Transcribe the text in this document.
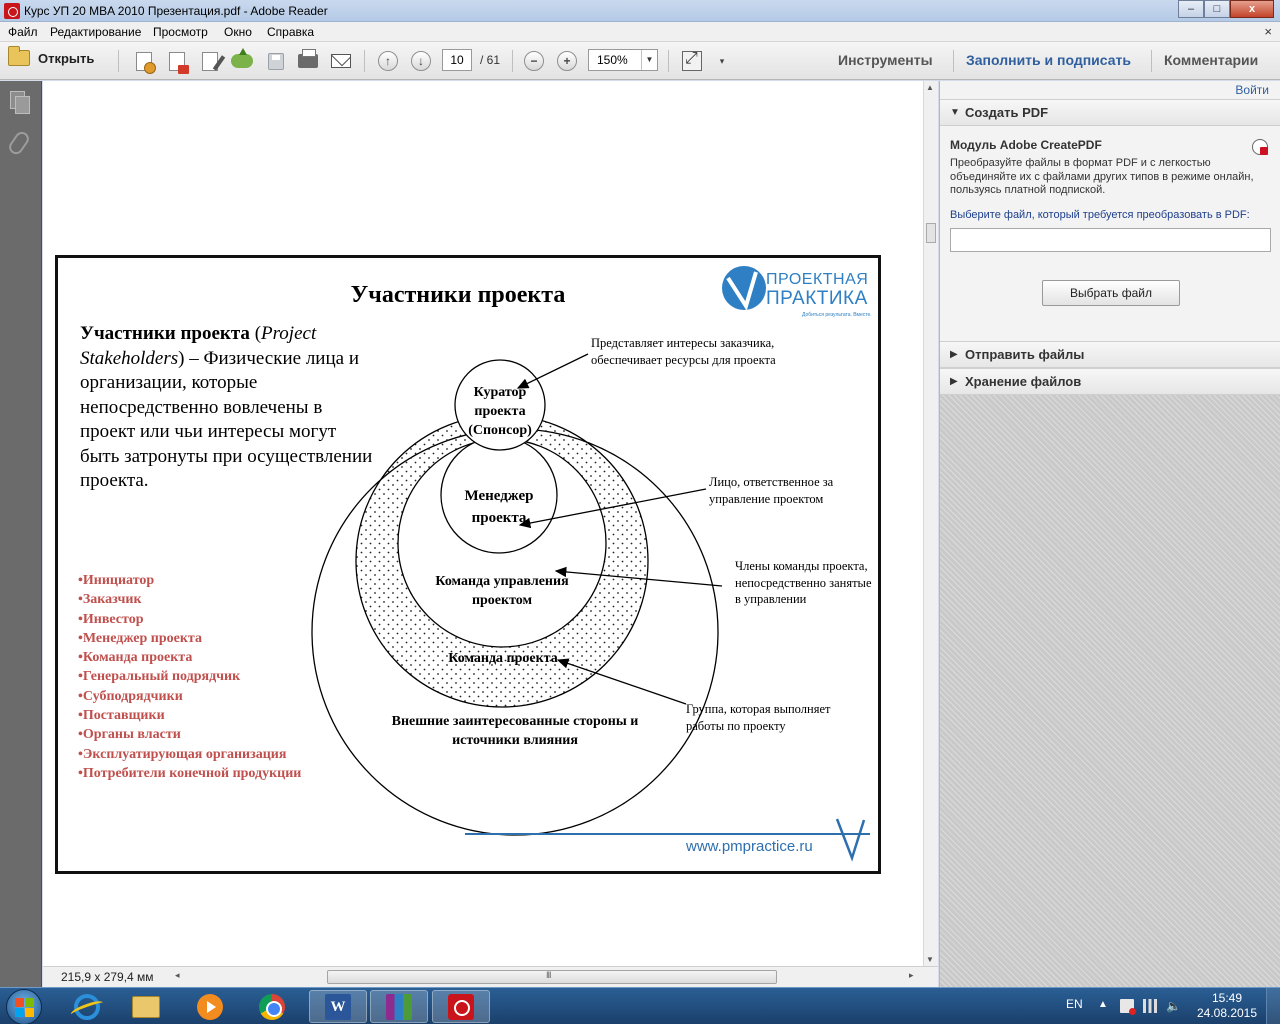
Курс УП 20 MBA 2010 Презентация.pdf - Adobe Reader	–	□	x
Файл Редактирование Просмотр Окно Справка	×
Открыть	↑	↓	−	+
⤢	▾
10	/ 61	150%	▼	Инструменты Заполнить и подписать Комментарии
Участники проекта
ПРОЕКТНАЯ
ПРАКТИКА
Добиться результата. Вместе.
Участники проекта (Project Stakeholders) – Физические лица и организации, которые непосредственно вовлечены в проект или чьи интересы могут быть затронуты при осуществлении проекта.
•Инициатор
•Заказчик
•Инвестор
•Менеджер проекта
•Команда проекта
•Генеральный подрядчик
•Субподрядчики
•Поставщики
•Органы власти
•Эксплуатирующая организация
•Потребители конечной продукции
Куратор проекта (Спонсор)
Менеджер проекта
Команда управления проектом
Команда проекта
Внешние заинтересованные стороны и источники влияния
Представляет интересы заказчика, обеспечивает ресурсы для проекта
Лицо, ответственное за управление проектом
Члены команды проекта, непосредственно занятые в управлении
Группа, которая выполняет работы по проекту
www.pmpractice.ru
▲
▼
215,9 x 279,4 мм ◂	III	▸
Войти
▼ Создать PDF
Модуль Adobe CreatePDF
Преобразуйте файлы в формат PDF и с легкостью объединяйте их с файлами других типов в режиме онлайн, пользуясь платной подпиской.
Выберите файл, который требуется преобразовать в PDF:
Выбрать файл
▶ Отправить файлы
▶ Хранение файлов
W	EN ▲	🔈
15:49
24.08.2015
